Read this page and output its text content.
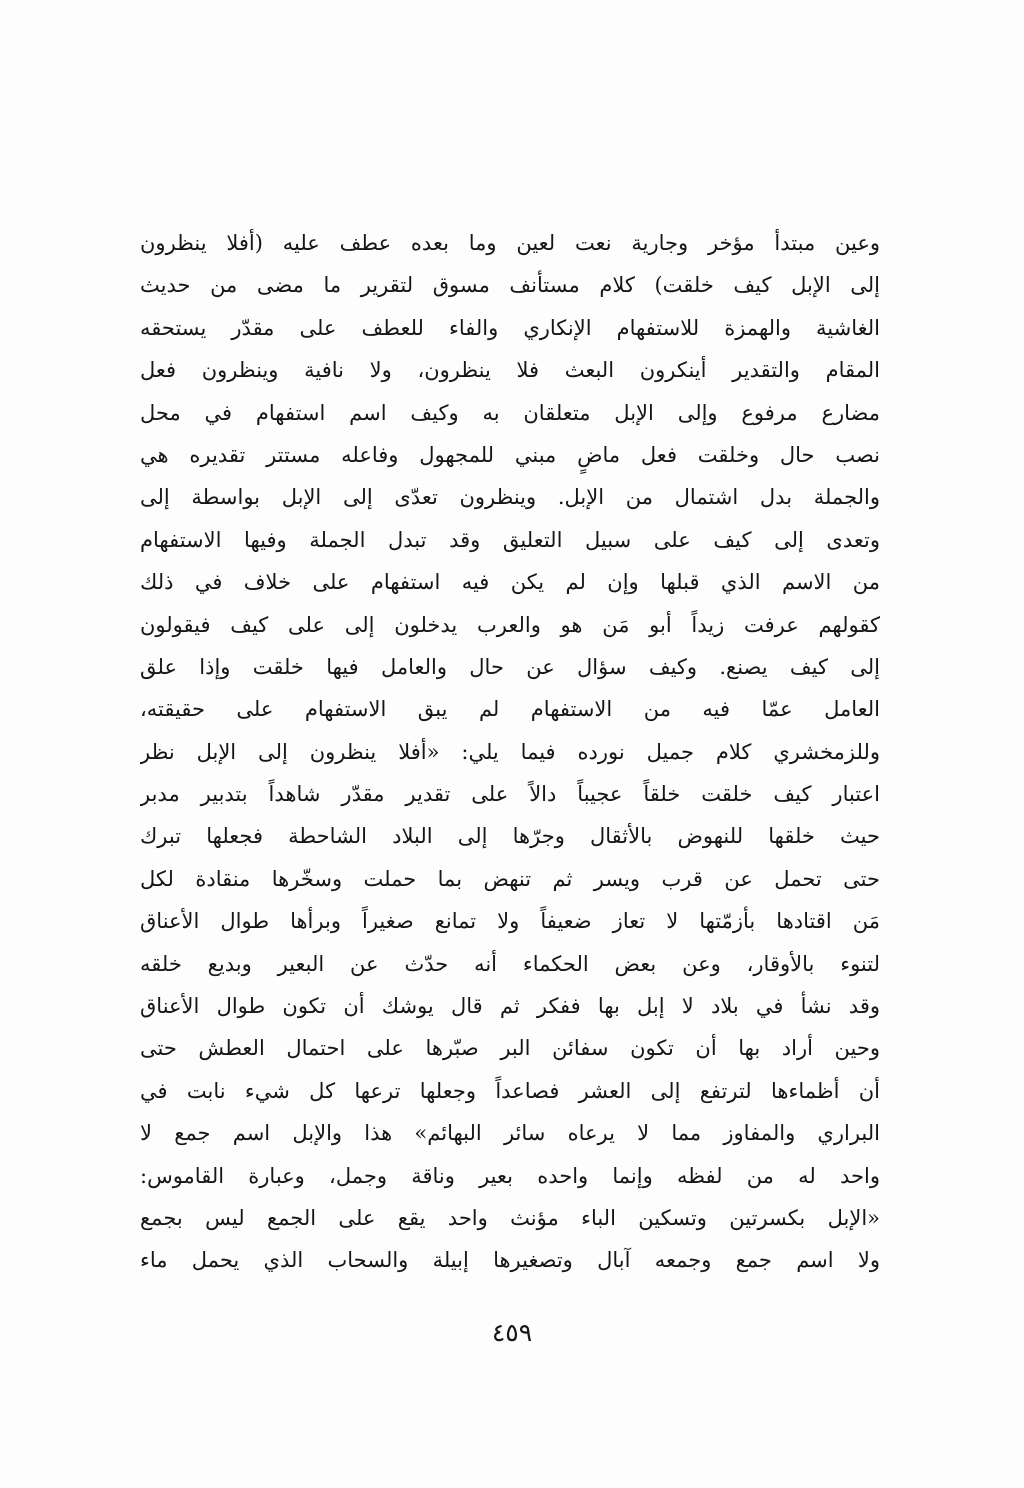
وعين مبتدأ مؤخر وجارية نعت لعين وما بعده عطف عليه (أفلا ينظرون
إلى الإبل كيف خلقت) كلام مستأنف مسوق لتقرير ما مضى من حديث
الغاشية والهمزة للاستفهام الإنكاري والفاء للعطف على مقدّر يستحقه
المقام والتقدير أينكرون البعث فلا ينظرون، ولا نافية وينظرون فعل
مضارع مرفوع وإلى الإبل متعلقان به وكيف اسم استفهام في محل
نصب حال وخلقت فعل ماضٍ مبني للمجهول وفاعله مستتر تقديره هي
والجملة بدل اشتمال من الإبل. وينظرون تعدّى إلى الإبل بواسطة إلى
وتعدى إلى كيف على سبيل التعليق وقد تبدل الجملة وفيها الاستفهام
من الاسم الذي قبلها وإن لم يكن فيه استفهام على خلاف في ذلك
كقولهم عرفت زيداً أبو مَن هو والعرب يدخلون إلى على كيف فيقولون
إلى كيف يصنع. وكيف سؤال عن حال والعامل فيها خلقت وإذا علق
العامل عمّا فيه من الاستفهام لم يبق الاستفهام على حقيقته،
وللزمخشري كلام جميل نورده فيما يلي: «أفلا ينظرون إلى الإبل نظر
اعتبار كيف خلقت خلقاً عجيباً دالاً على تقدير مقدّر شاهداً بتدبير مدبر
حيث خلقها للنهوض بالأثقال وجرّها إلى البلاد الشاحطة فجعلها تبرك
حتى تحمل عن قرب ويسر ثم تنهض بما حملت وسخّرها منقادة لكل
مَن اقتادها بأزمّتها لا تعاز ضعيفاً ولا تمانع صغيراً وبرأها طوال الأعناق
لتنوء بالأوقار، وعن بعض الحكماء أنه حدّث عن البعير وبديع خلقه
وقد نشأ في بلاد لا إبل بها ففكر ثم قال يوشك أن تكون طوال الأعناق
وحين أراد بها أن تكون سفائن البر صبّرها على احتمال العطش حتى
أن أظماءها لترتفع إلى العشر فصاعداً وجعلها ترعها كل شيء نابت في
البراري والمفاوز مما لا يرعاه سائر البهائم» هذا والإبل اسم جمع لا
واحد له من لفظه وإنما واحده بعير وناقة وجمل، وعبارة القاموس:
«الإبل بكسرتين وتسكين الباء مؤنث واحد يقع على الجمع ليس بجمع
ولا اسم جمع وجمعه آبال وتصغيرها إبيلة والسحاب الذي يحمل ماء
٤٥٩
